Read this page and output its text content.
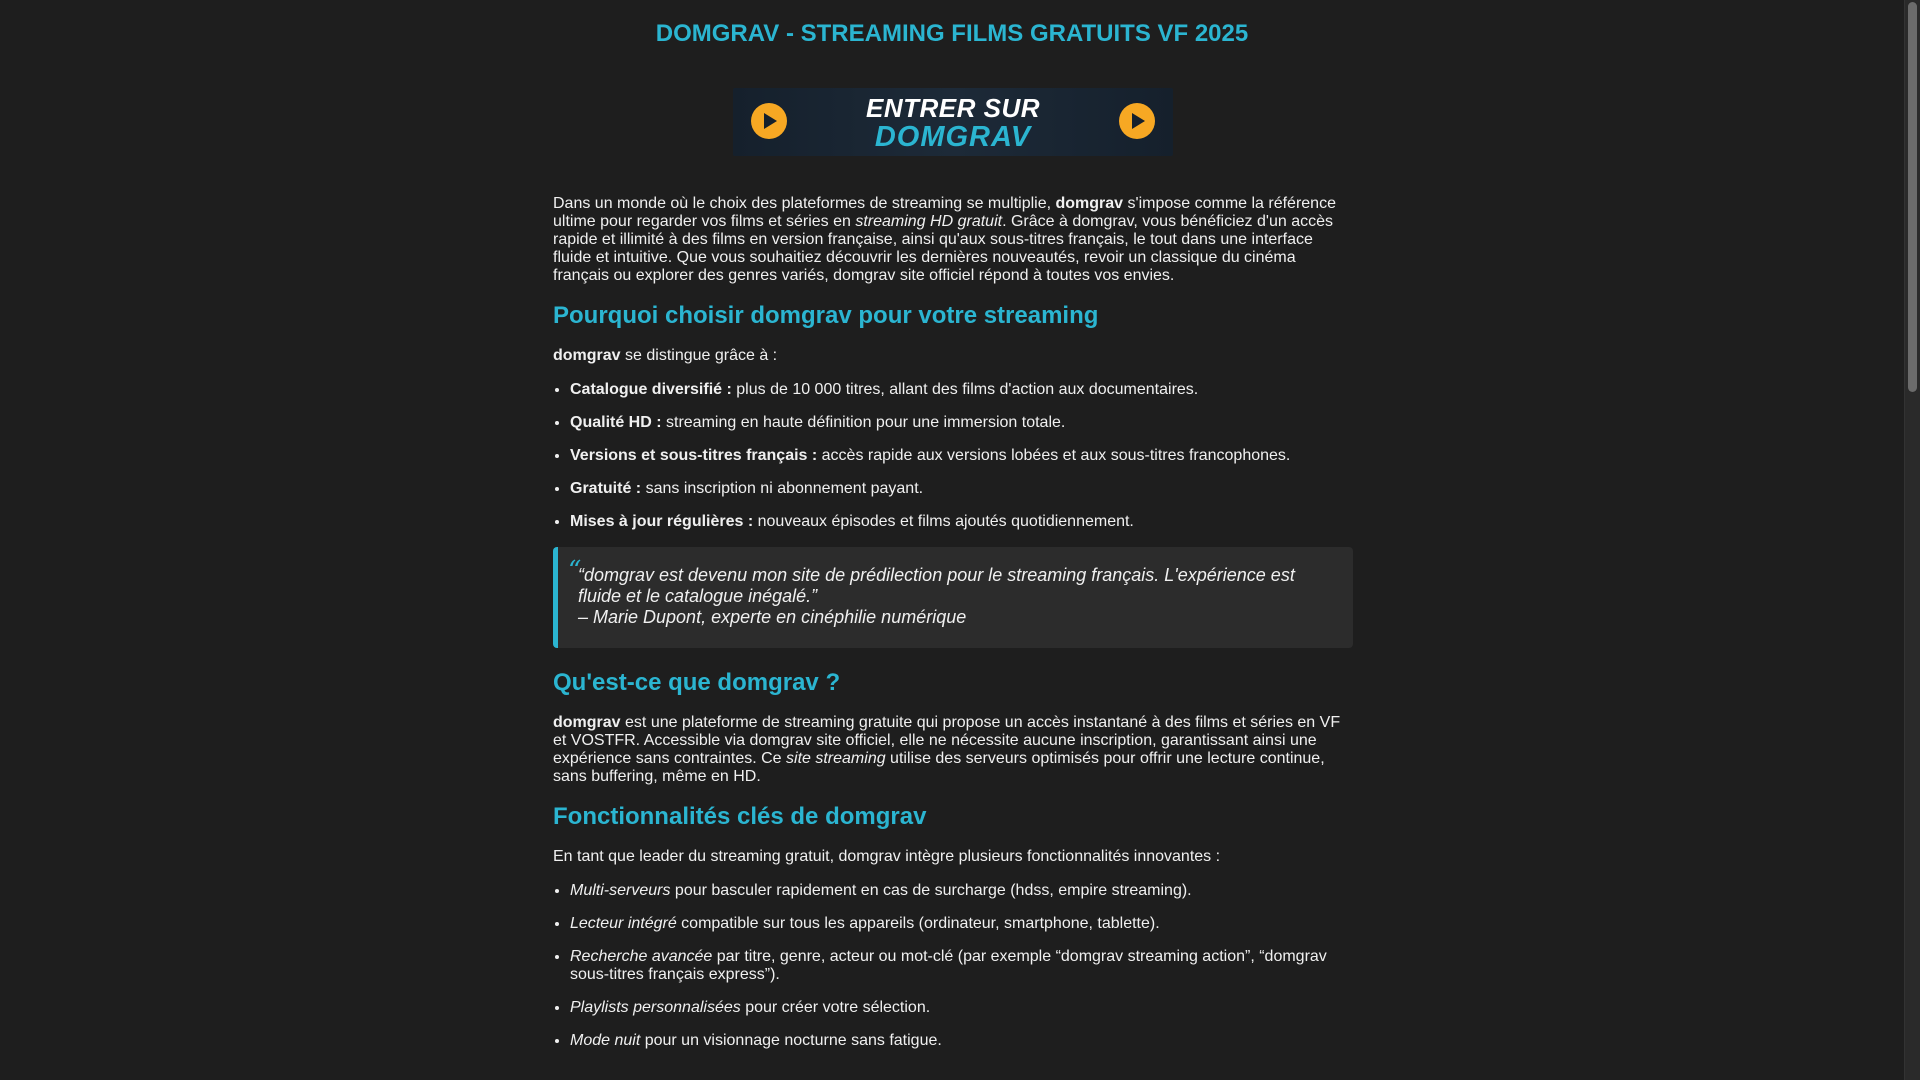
DOMGRAV - STREAMING FILMS GRATUITS VF 2025
ENTRER SUR
DOMGRAV

Dans un monde où le choix des plateformes de streaming se multiplie, domgrav s'impose comme la référence ultime pour regarder vos films et séries en streaming HD gratuit. Grâce à domgrav, vous bénéficiez d'un accès rapide et illimité à des films en version française, ainsi qu'aux sous-titres français, le tout dans une interface fluide et intuitive. Que vous souhaitiez découvrir les dernières nouveautés, revoir un classique du cinéma français ou explorer des genres variés, domgrav site officiel répond à toutes vos envies.

Pourquoi choisir domgrav pour votre streaming

domgrav se distingue grâce à :

• Catalogue diversifié : plus de 10 000 titres, allant des films d'action aux documentaires.
• Qualité HD : streaming en haute définition pour une immersion totale.
• Versions et sous-titres français : accès rapide aux versions lobées et aux sous-titres francophones.
• Gratuité : sans inscription ni abonnement payant.
• Mises à jour régulières : nouveaux épisodes et films ajoutés quotidiennement.
“
“domgrav est devenu mon site de prédilection pour le streaming français. L'expérience est fluide et le catalogue inégalé.”
– Marie Dupont, experte en cinéphilie numérique
Qu'est-ce que domgrav ?

domgrav est une plateforme de streaming gratuite qui propose un accès instantané à des films et séries en VF et VOSTFR. Accessible via domgrav site officiel, elle ne nécessite aucune inscription, garantissant ainsi une expérience sans contraintes. Ce site streaming utilise des serveurs optimisés pour offrir une lecture continue, sans buffering, même en HD.

Fonctionnalités clés de domgrav

En tant que leader du streaming gratuit, domgrav intègre plusieurs fonctionnalités innovantes :

• Multi-serveurs pour basculer rapidement en cas de surcharge (hdss, empire streaming).
• Lecteur intégré compatible sur tous les appareils (ordinateur, smartphone, tablette).
• Recherche avancée par titre, genre, acteur ou mot-clé (par exemple “domgrav streaming action”, “domgrav sous-titres français express”).
• Playlists personnalisées pour créer votre sélection.
• Mode nuit pour un visionnage nocturne sans fatigue.
